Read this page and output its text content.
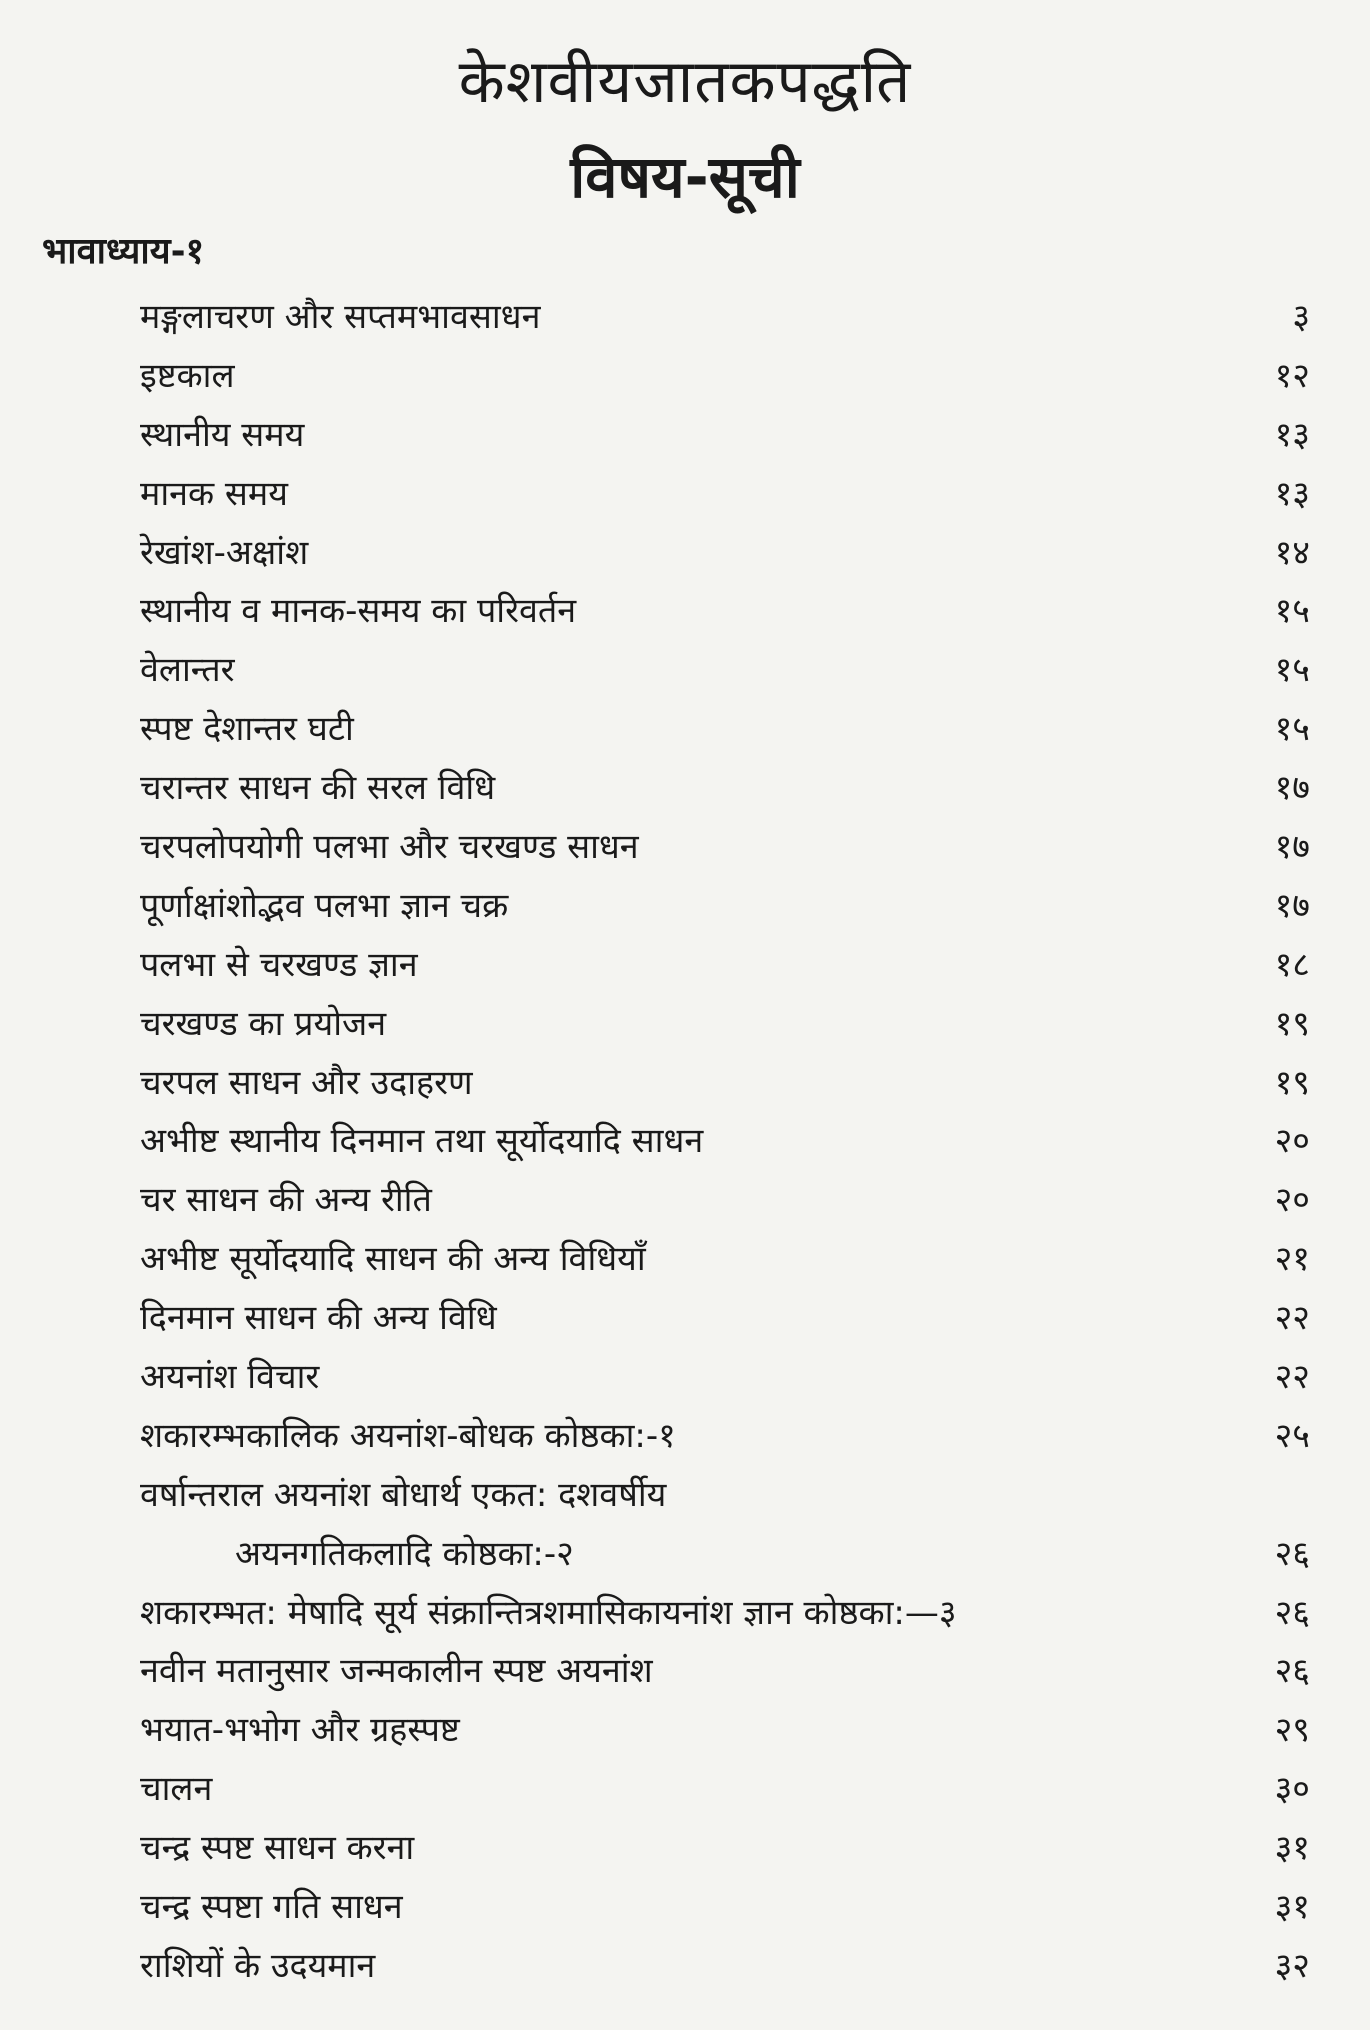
केशवीयजातकपद्धति
विषय-सूची
भावाध्याय-१
मङ्गलाचरण और सप्तमभावसाधन	३
इष्टकाल	१२
स्थानीय समय	१३
मानक समय	१३
रेखांश-अक्षांश	१४
स्थानीय व मानक-समय का परिवर्तन	१५
वेलान्तर	१५
स्पष्ट देशान्तर घटी	१५
चरान्तर साधन की सरल विधि	१७
चरपलोपयोगी पलभा और चरखण्ड साधन	१७
पूर्णाक्षांशोद्भव पलभा ज्ञान चक्र	१७
पलभा से चरखण्ड ज्ञान	१८
चरखण्ड का प्रयोजन	१९
चरपल साधन और उदाहरण	१९
अभीष्ट स्थानीय दिनमान तथा सूर्योदयादि साधन	२०
चर साधन की अन्य रीति	२०
अभीष्ट सूर्योदयादि साधन की अन्य विधियाँ	२१
दिनमान साधन की अन्य विधि	२२
अयनांश विचार	२२
शकारम्भकालिक अयनांश-बोधक कोष्ठका:-१	२५
वर्षान्तराल अयनांश बोधार्थ एकत: दशवर्षीय
अयनगतिकलादि कोष्ठका:-२	२६
शकारम्भत: मेषादि सूर्य संक्रान्तित्रशमासिकायनांश ज्ञान कोष्ठका:—३	२६
नवीन मतानुसार जन्मकालीन स्पष्ट अयनांश	२६
भयात-भभोग और ग्रहस्पष्ट	२९
चालन	३०
चन्द्र स्पष्ट साधन करना	३१
चन्द्र स्पष्टा गति साधन	३१
राशियों के उदयमान	३२
